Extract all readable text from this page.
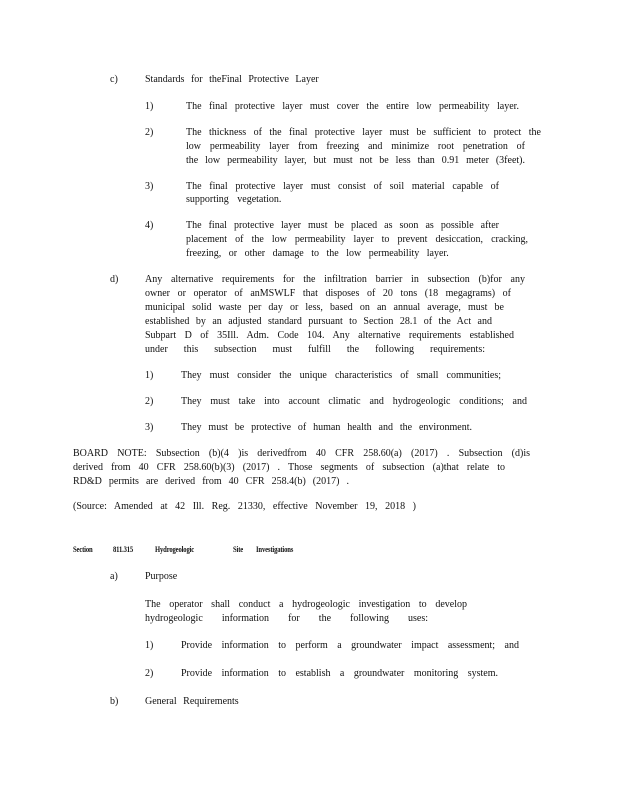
c)	Standards for theFinal Protective Layer
1)	The final protective layer must cover the entire low permeability layer.
2)	The thickness of the final protective layer must be sufficient to protect the
low permeability layer from freezing and minimize root penetration of
the low permeability layer, but must not be less than 0.91 meter (3feet).
3)	The final protective layer must consist of soil material capable of
supporting vegetation.
4)	The final protective layer must be placed as soon as possible after
placement of the low permeability layer to prevent desiccation, cracking,
freezing, or other damage to the low permeability layer.
d)	Any alternative requirements for the infiltration barrier in subsection (b)for any
owner or operator of anMSWLF that disposes of 20 tons (18 megagrams) of
municipal solid waste per day or less, based on an annual average, must be
established by an adjusted standard pursuant to Section 28.1 of the Act and
Subpart D of 35Ill. Adm. Code 104. Any alternative requirements established
under this subsection must fulfill the following requirements:
1)	They must consider the unique characteristics of small communities;
2)	They must take into account climatic and hydrogeologic conditions; and
3)	They must be protective of human health and the environment.
BOARD NOTE: Subsection (b)(4 )is derivedfrom 40 CFR 258.60(a) (2017) . Subsection (d)is
derived from 40 CFR 258.60(b)(3) (2017) . Those segments of subsection (a)that relate to
RD&D permits are derived from 40 CFR 258.4(b) (2017) .
(Source: Amended at 42 Ill. Reg. 21330, effective November 19, 2018 )
Section 811.315	Hydrogeologic	Site Investigations
a)	Purpose
The operator shall conduct a hydrogeologic investigation to develop
hydrogeologic information for the following uses:
1)	Provide information to perform a groundwater impact assessment; and
2)	Provide information to establish a groundwater monitoring system.
b)	General Requirements
